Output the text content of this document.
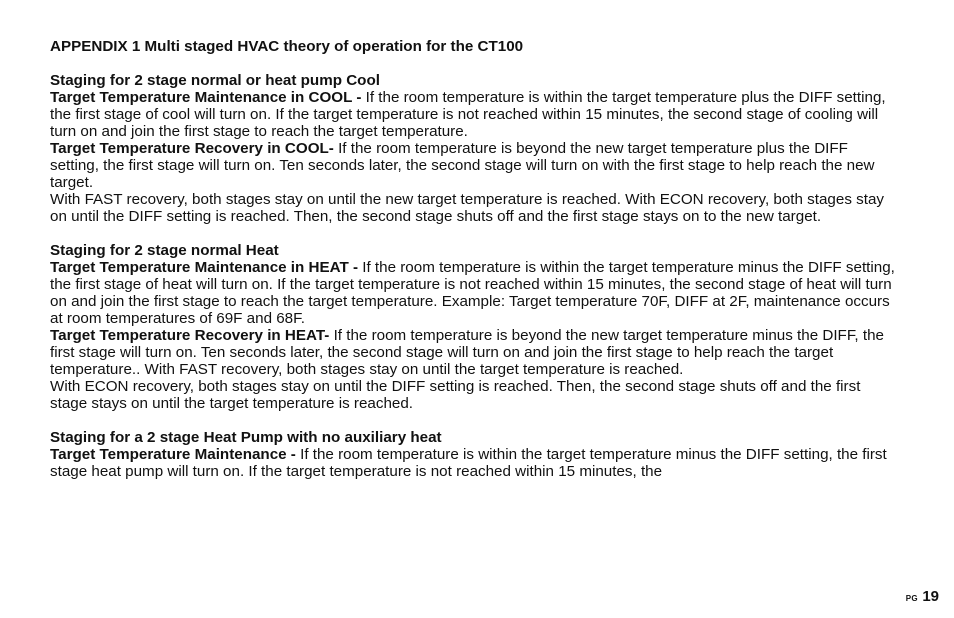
APPENDIX 1 Multi staged HVAC theory of operation for the CT100

Staging for 2 stage normal or heat pump Cool

Target Temperature Maintenance in COOL - If the room temperature is within the target temperature plus the DIFF setting, the first stage of cool will turn on. If the target temperature is not reached within 15 minutes, the second stage of cooling will turn on and join the first stage to reach the target temperature.

Target Temperature Recovery in COOL- If the room temperature is beyond the new target temperature plus the DIFF setting, the first stage will turn on. Ten seconds later, the second stage will turn on with the first stage to help reach the new target.

With FAST recovery, both stages stay on until the new target temperature is reached. With ECON recovery, both stages stay on until the DIFF setting is reached. Then, the second stage shuts off and the first stage stays on to the new target.

Staging for 2 stage normal Heat

Target Temperature Maintenance in HEAT - If the room temperature is within the target temperature minus the DIFF setting, the first stage of heat will turn on. If the target temperature is not reached within 15 minutes, the second stage of heat will turn on and join the first stage to reach the target temperature. Example: Target temperature 70F, DIFF at 2F, maintenance occurs at room temperatures of 69F and 68F.

Target Temperature Recovery in HEAT- If the room temperature is beyond the new target temperature minus the DIFF, the first stage will turn on. Ten seconds later, the second stage will turn on and join the first stage to help reach the target temperature.. With FAST recovery, both stages stay on until the target temperature is reached.

With ECON recovery, both stages stay on until the DIFF setting is reached. Then, the second stage shuts off and the first stage stays on until the target temperature is reached.

Staging for a 2 stage Heat Pump with no auxiliary heat

Target Temperature Maintenance - If the room temperature is within the target temperature minus the DIFF setting, the first stage heat pump will turn on. If the target temperature is not reached within 15 minutes, the

PG 19
